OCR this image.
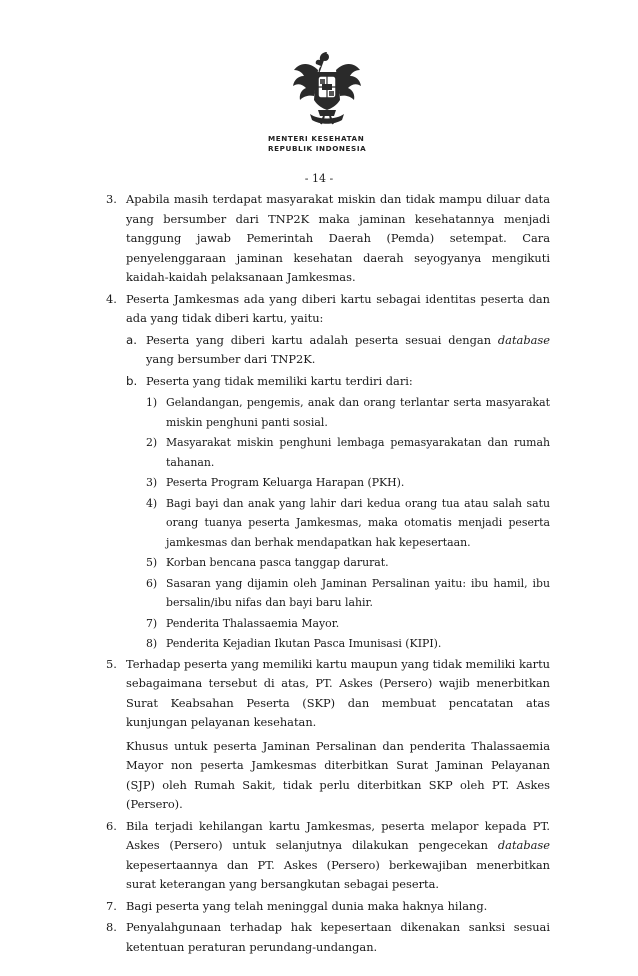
MENTERI KESEHATAN
REPUBLIK INDONESIA
- 14 -
3. Apabila masih terdapat masyarakat miskin dan tidak mampu diluar data yang bersumber dari TNP2K maka jaminan kesehatannya menjadi tanggung jawab Pemerintah Daerah (Pemda) setempat. Cara penyelenggaraan jaminan kesehatan daerah seyogyanya mengikuti kaidah-kaidah pelaksanaan Jamkesmas.
4. Peserta Jamkesmas ada yang diberi kartu sebagai identitas peserta dan ada yang tidak diberi kartu, yaitu:
a. Peserta yang diberi kartu adalah peserta sesuai dengan database yang bersumber dari TNP2K.
b. Peserta yang tidak memiliki kartu terdiri dari:
1) Gelandangan, pengemis, anak dan orang terlantar serta masyarakat miskin penghuni panti sosial.
2) Masyarakat miskin penghuni lembaga pemasyarakatan dan rumah tahanan.
3) Peserta Program Keluarga Harapan (PKH).
4) Bagi bayi dan anak yang lahir dari kedua orang tua atau salah satu orang tuanya peserta Jamkesmas, maka otomatis menjadi peserta jamkesmas dan berhak mendapatkan hak kepesertaan.
5) Korban bencana pasca tanggap darurat.
6) Sasaran yang dijamin oleh Jaminan Persalinan yaitu: ibu hamil, ibu bersalin/ibu nifas dan bayi baru lahir.
7) Penderita Thalassaemia Mayor.
8) Penderita Kejadian Ikutan Pasca Imunisasi (KIPI).
5. Terhadap peserta yang memiliki kartu maupun yang tidak memiliki kartu sebagaimana tersebut di atas, PT. Askes (Persero) wajib menerbitkan Surat Keabsahan Peserta (SKP) dan membuat pencatatan atas kunjungan pelayanan kesehatan.
Khusus untuk peserta Jaminan Persalinan dan penderita Thalassaemia Mayor non peserta Jamkesmas diterbitkan Surat Jaminan Pelayanan (SJP) oleh Rumah Sakit, tidak perlu diterbitkan SKP oleh PT. Askes (Persero).
6. Bila terjadi kehilangan kartu Jamkesmas, peserta melapor kepada PT. Askes (Persero) untuk selanjutnya dilakukan pengecekan database kepesertaannya dan PT. Askes (Persero) berkewajiban menerbitkan surat keterangan yang bersangkutan sebagai peserta.
7. Bagi peserta yang telah meninggal dunia maka haknya hilang.
8. Penyalahgunaan terhadap hak kepesertaan dikenakan sanksi sesuai ketentuan peraturan perundang-undangan.
